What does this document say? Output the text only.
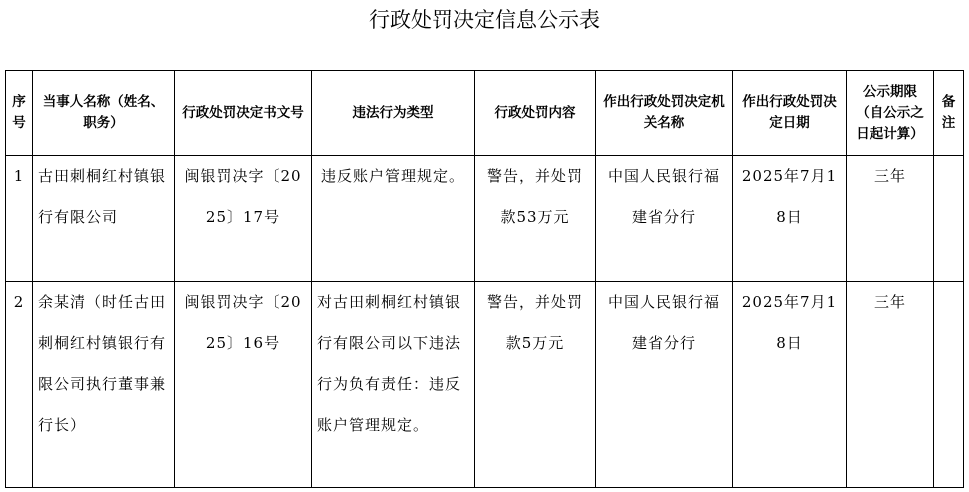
行政处罚决定信息公示表
序号	当事人名称（姓名、职务）	行政处罚决定书文号	违法行为类型	行政处罚内容	作出行政处罚决定机关名称	作出行政处罚决定日期	公示期限（自公示之日起计算）	备注
1	古田刺桐红村镇银行有限公司	闽银罚决字〔2025〕17号	违反账户管理规定。	警告，并处罚款53万元	中国人民银行福建省分行	2025年7月18日	三年	
2	余某清（时任古田刺桐红村镇银行有限公司执行董事兼行长）	闽银罚决字〔2025〕16号	对古田刺桐红村镇银行有限公司以下违法行为负有责任：违反账户管理规定。	警告，并处罚款5万元	中国人民银行福建省分行	2025年7月18日	三年	
